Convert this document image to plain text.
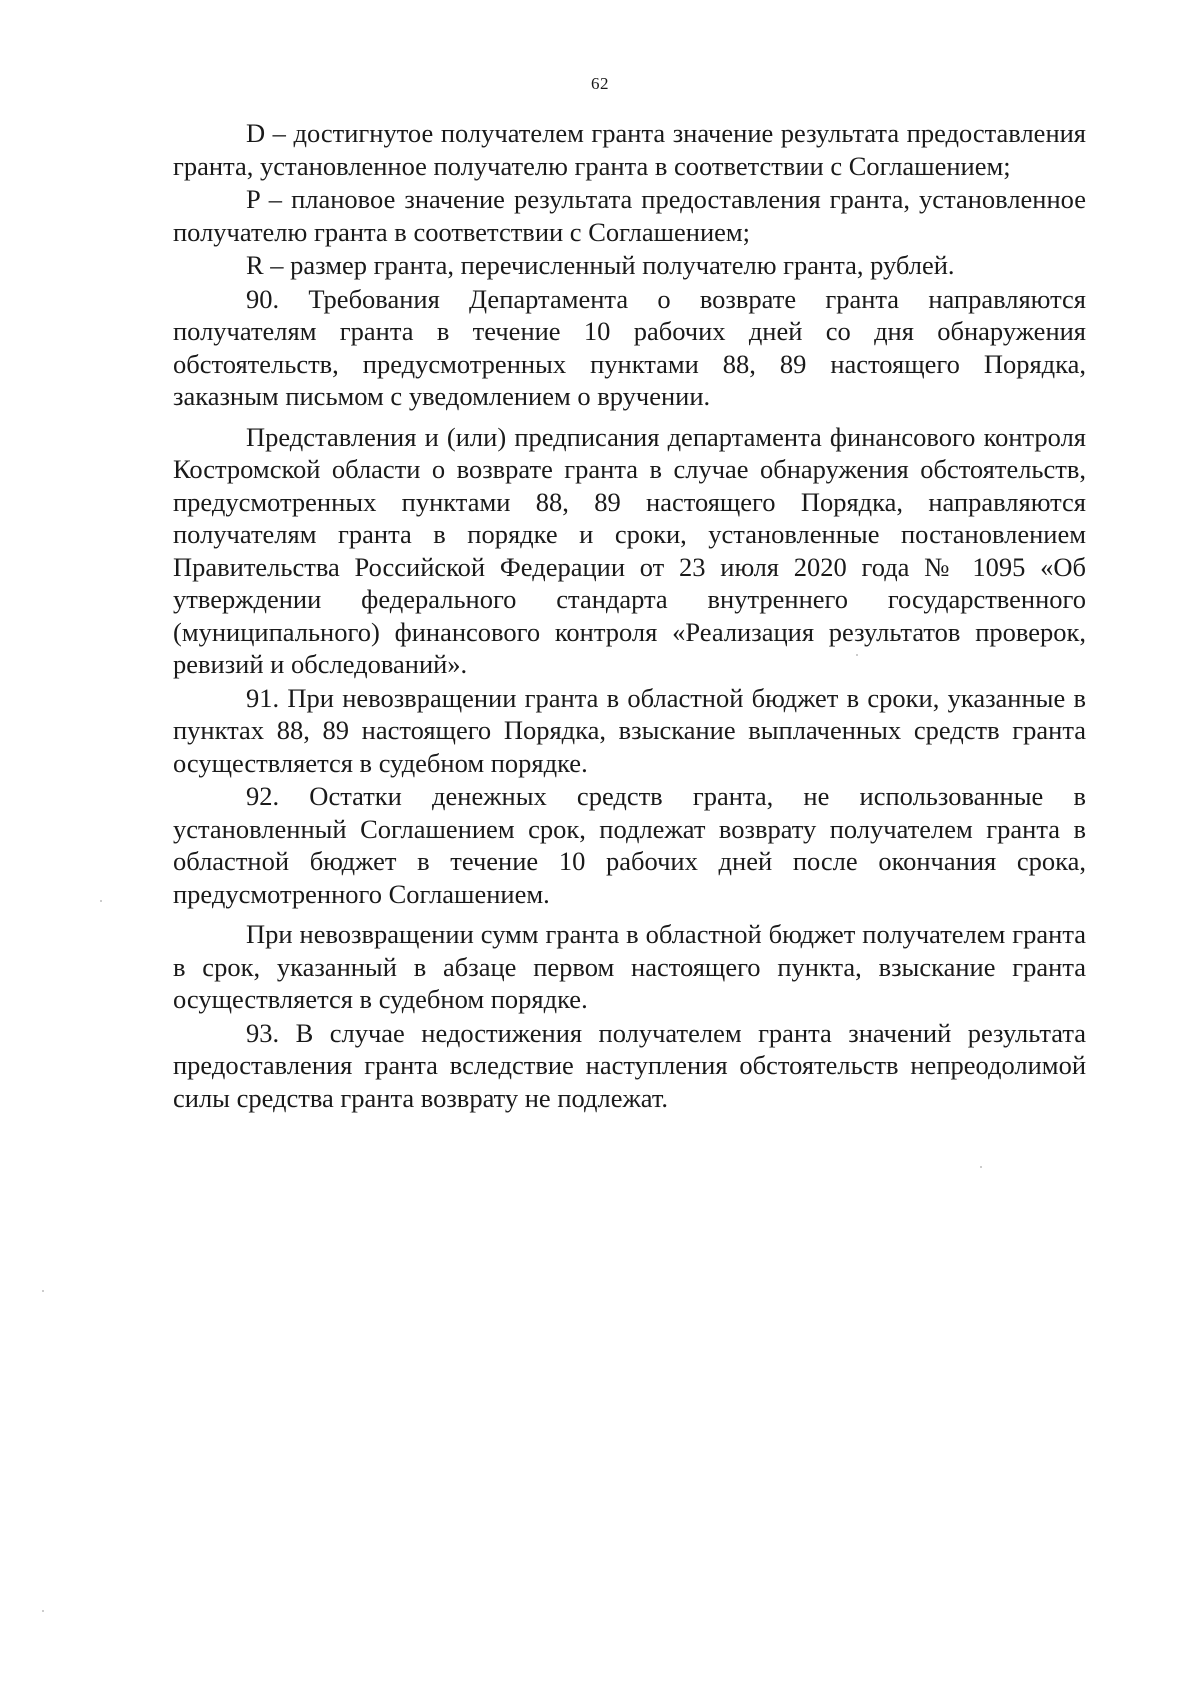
62

D – достигнутое получателем гранта значение результата предоставления гранта, установленное получателю гранта в соответствии с Соглашением;

P – плановое значение результата предоставления гранта, установленное получателю гранта в соответствии с Соглашением;

R – размер гранта, перечисленный получателю гранта, рублей.

90. Требования Департамента о возврате гранта направляются получателям гранта в течение 10 рабочих дней со дня обнаружения обстоятельств, предусмотренных пунктами 88, 89 настоящего Порядка, заказным письмом с уведомлением о вручении.

Представления и (или) предписания департамента финансового контроля Костромской области о возврате гранта в случае обнаружения обстоятельств, предусмотренных пунктами 88, 89 настоящего Порядка, направляются получателям гранта в порядке и сроки, установленные постановлением Правительства Российской Федерации от 23 июля 2020 года № 1095 «Об утверждении федерального стандарта внутреннего государственного (муниципального) финансового контроля «Реализация результатов проверок, ревизий и обследований».

91. При невозвращении гранта в областной бюджет в сроки, указанные в пунктах 88, 89 настоящего Порядка, взыскание выплаченных средств гранта осуществляется в судебном порядке.

92. Остатки денежных средств гранта, не использованные в установленный Соглашением срок, подлежат возврату получателем гранта в областной бюджет в течение 10 рабочих дней после окончания срока, предусмотренного Соглашением.

При невозвращении сумм гранта в областной бюджет получателем гранта в срок, указанный в абзаце первом настоящего пункта, взыскание гранта осуществляется в судебном порядке.

93. В случае недостижения получателем гранта значений результата предоставления гранта вследствие наступления обстоятельств непреодолимой силы средства гранта возврату не подлежат.
